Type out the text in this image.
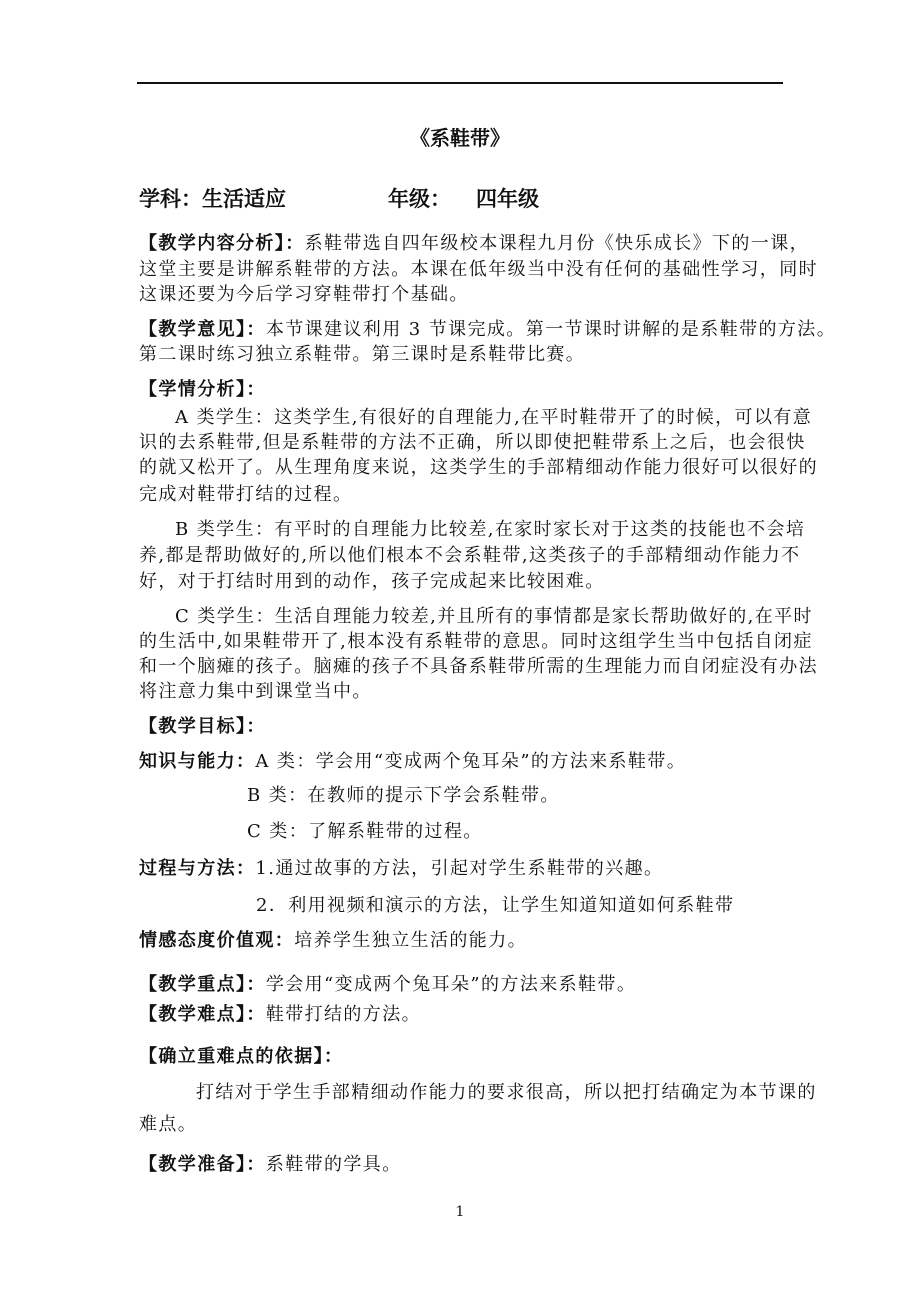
《系鞋带》
学科：生活适应	年级： 四年级
【教学内容分析】：系鞋带选自四年级校本课程九月份《快乐成长》下的一课，
这堂主要是讲解系鞋带的方法。本课在低年级当中没有任何的基础性学习，同时
这课还要为今后学习穿鞋带打个基础。
【教学意见】：本节课建议利用 3 节课完成。第一节课时讲解的是系鞋带的方法。
第二课时练习独立系鞋带。第三课时是系鞋带比赛。
【学情分析】：
A 类学生：这类学生,有很好的自理能力,在平时鞋带开了的时候，可以有意
识的去系鞋带,但是系鞋带的方法不正确，所以即使把鞋带系上之后，也会很快
的就又松开了。从生理角度来说，这类学生的手部精细动作能力很好可以很好的
完成对鞋带打结的过程。
B 类学生：有平时的自理能力比较差,在家时家长对于这类的技能也不会培
养,都是帮助做好的,所以他们根本不会系鞋带,这类孩子的手部精细动作能力不
好，对于打结时用到的动作，孩子完成起来比较困难。
C 类学生：生活自理能力较差,并且所有的事情都是家长帮助做好的,在平时
的生活中,如果鞋带开了,根本没有系鞋带的意思。同时这组学生当中包括自闭症
和一个脑瘫的孩子。脑瘫的孩子不具备系鞋带所需的生理能力而自闭症没有办法
将注意力集中到课堂当中。
【教学目标】：
知识与能力：A 类：学会用“变成两个兔耳朵”的方法来系鞋带。
B 类：在教师的提示下学会系鞋带。
C 类：了解系鞋带的过程。
过程与方法：1.通过故事的方法，引起对学生系鞋带的兴趣。
2．利用视频和演示的方法，让学生知道知道如何系鞋带
情感态度价值观：培养学生独立生活的能力。
【教学重点】：学会用“变成两个兔耳朵”的方法来系鞋带。
【教学难点】：鞋带打结的方法。
【确立重难点的依据】：
打结对于学生手部精细动作能力的要求很高，所以把打结确定为本节课的
难点。
【教学准备】：系鞋带的学具。
1
